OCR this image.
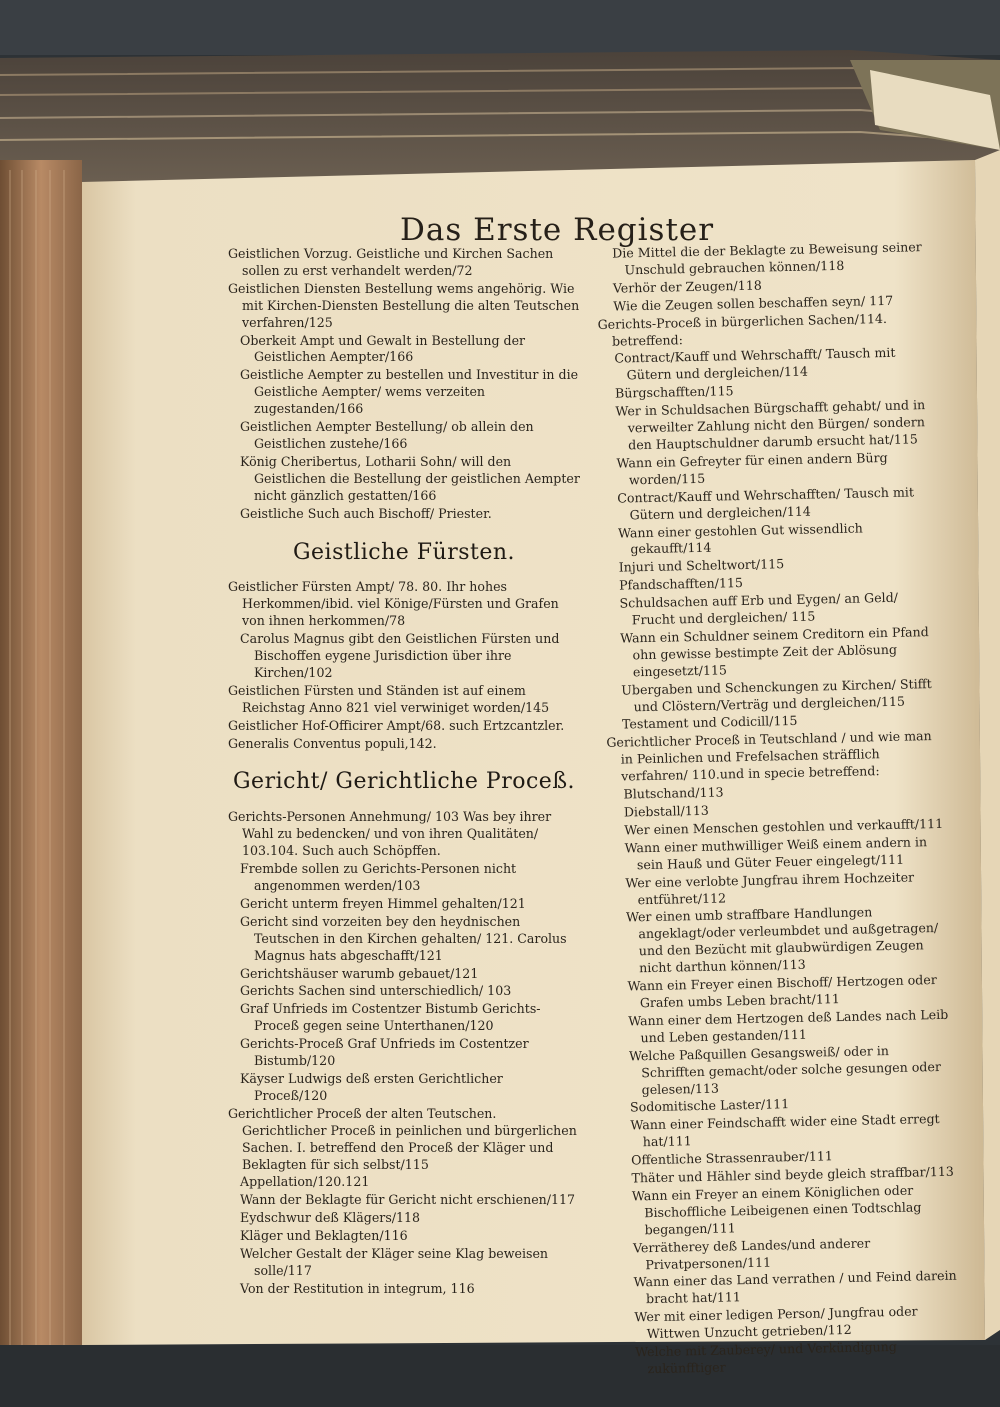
Das Erste Register
Geistlichen Vorzug. Geistliche und Kirchen Sachen sollen zu erst verhandelt werden/72
Geistlichen Diensten Bestellung wems angehörig. Wie mit Kirchen-Diensten Bestellung die alten Teutschen verfahren/125
Oberkeit Ampt und Gewalt in Bestellung der Geistlichen Aempter/166
Geistliche Aempter zu bestellen und Investitur in die Geistliche Aempter/ wems verzeiten zugestanden/166
Geistlichen Aempter Bestellung/ ob allein den Geistlichen zustehe/166
König Cheribertus, Lotharii Sohn/ will den Geistlichen die Bestellung der geistlichen Aempter nicht gänzlich gestatten/166
Geistliche Such auch Bischoff/ Priester.
Geistliche Fürsten.
Geistlicher Fürsten Ampt/ 78. 80. Ihr hohes Herkommen/ibid. viel Könige/Fürsten und Grafen von ihnen herkommen/78
Carolus Magnus gibt den Geistlichen Fürsten und Bischoffen eygene Jurisdiction über ihre Kirchen/102
Geistlichen Fürsten und Ständen ist auf einem Reichstag Anno 821 viel verwiniget worden/145
Geistlicher Hof-Officirer Ampt/68. such Ertzcantzler.
Generalis Conventus populi,142.
Gericht/ Gerichtliche Proceß.
Gerichts-Personen Annehmung/ 103 Was bey ihrer Wahl zu bedencken/ und von ihren Qualitäten/ 103.104. Such auch Schöpffen.
Frembde sollen zu Gerichts-Personen nicht angenommen werden/103
Gericht unterm freyen Himmel gehalten/121
Gericht sind vorzeiten bey den heydnischen Teutschen in den Kirchen gehalten/ 121. Carolus Magnus hats abgeschafft/121
Gerichtshäuser warumb gebauet/121
Gerichts Sachen sind unterschiedlich/ 103
Graf Unfrieds im Costentzer Bistumb Gerichts-Proceß gegen seine Unterthanen/120
Gerichts-Proceß Graf Unfrieds im Costentzer Bistumb/120
Käyser Ludwigs deß ersten Gerichtlicher Proceß/120
Gerichtlicher Proceß der alten Teutschen. Gerichtlicher Proceß in peinlichen und bürgerlichen Sachen. I. betreffend den Proceß der Kläger und Beklagten für sich selbst/115
Appellation/120.121
Wann der Beklagte für Gericht nicht erschienen/117
Eydschwur deß Klägers/118
Kläger und Beklagten/116
Welcher Gestalt der Kläger seine Klag beweisen solle/117
Von der Restitution in integrum, 116
Die Mittel die der Beklagte zu Beweisung seiner Unschuld gebrauchen können/118
Verhör der Zeugen/118
Wie die Zeugen sollen beschaffen seyn/ 117
Gerichts-Proceß in bürgerlichen Sachen/114. betreffend:
Contract/Kauff und Wehrschafft/ Tausch mit Gütern und dergleichen/114
Bürgschafften/115
Wer in Schuldsachen Bürgschafft gehabt/ und in verweilter Zahlung nicht den Bürgen/ sondern den Hauptschuldner darumb ersucht hat/115
Wann ein Gefreyter für einen andern Bürg worden/115
Contract/Kauff und Wehrschafften/ Tausch mit Gütern und dergleichen/114
Wann einer gestohlen Gut wissendlich gekaufft/114
Injuri und Scheltwort/115
Pfandschafften/115
Schuldsachen auff Erb und Eygen/ an Geld/ Frucht und dergleichen/ 115
Wann ein Schuldner seinem Creditorn ein Pfand ohn gewisse bestimpte Zeit der Ablösung eingesetzt/115
Ubergaben und Schenckungen zu Kirchen/ Stifft und Clöstern/Verträg und dergleichen/115
Testament und Codicill/115
Gerichtlicher Proceß in Teutschland / und wie man in Peinlichen und Frefelsachen sträfflich verfahren/ 110.und in specie betreffend:
Blutschand/113
Diebstall/113
Wer einen Menschen gestohlen und verkaufft/111
Wann einer muthwilliger Weiß einem andern in sein Hauß und Güter Feuer eingelegt/111
Wer eine verlobte Jungfrau ihrem Hochzeiter entführet/112
Wer einen umb straffbare Handlungen angeklagt/oder verleumbdet und außgetragen/ und den Bezücht mit glaubwürdigen Zeugen nicht darthun können/113
Wann ein Freyer einen Bischoff/ Hertzogen oder Grafen umbs Leben bracht/111
Wann einer dem Hertzogen deß Landes nach Leib und Leben gestanden/111
Welche Paßquillen Gesangsweiß/ oder in Schrifften gemacht/oder solche gesungen oder gelesen/113
Sodomitische Laster/111
Wann einer Feindschafft wider eine Stadt erregt hat/111
Offentliche Strassenrauber/111
Thäter und Hähler sind beyde gleich straffbar/113
Wann ein Freyer an einem Königlichen oder Bischoffliche Leibeigenen einen Todtschlag begangen/111
Verrätherey deß Landes/und anderer Privatpersonen/111
Wann einer das Land verrathen / und Feind darein bracht hat/111
Wer mit einer ledigen Person/ Jungfrau oder Wittwen Unzucht getrieben/112
Welche mit Zauberey/ und Verkündigung zukünfftiger
